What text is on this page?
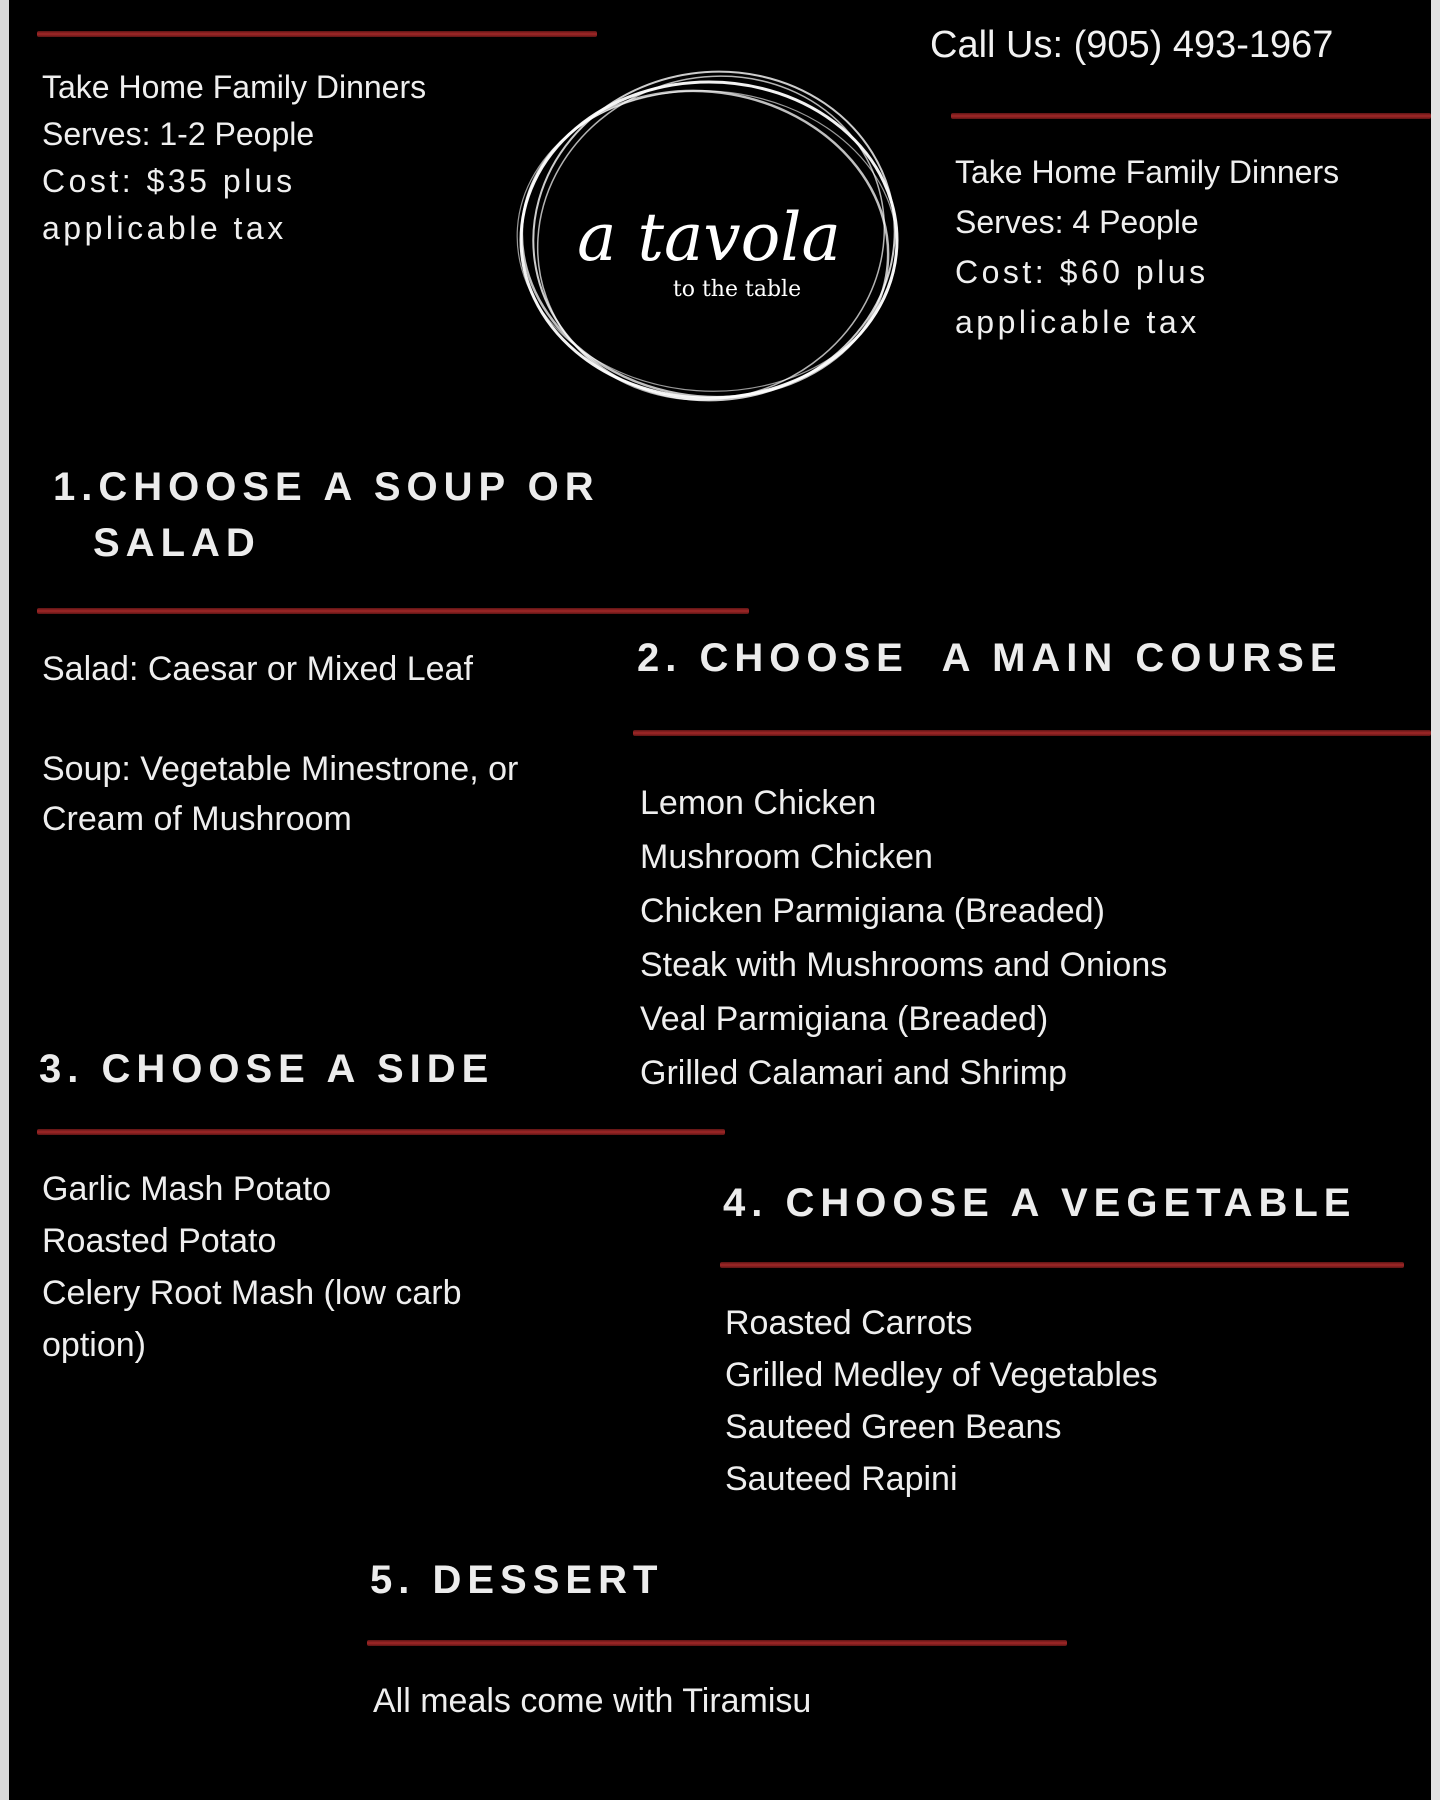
Take Home Family Dinners
Serves: 1-2 People
Cost: $35 plus
applicable tax
Call Us: (905) 493-1967
Take Home Family Dinners
Serves: 4 People
Cost: $60 plus
applicable tax
a tavola
to the table
1.CHOOSE A SOUP OR
SALAD
Salad: Caesar or Mixed Leaf
Soup: Vegetable Minestrone, or
Cream of Mushroom
2. CHOOSE  A MAIN COURSE
Lemon Chicken
Mushroom Chicken
Chicken Parmigiana (Breaded)
Steak with Mushrooms and Onions
Veal Parmigiana (Breaded)
Grilled Calamari and Shrimp
3. CHOOSE A SIDE
Garlic Mash Potato
Roasted Potato
Celery Root Mash (low carb
option)
4. CHOOSE A VEGETABLE
Roasted Carrots
Grilled Medley of Vegetables
Sauteed Green Beans
Sauteed Rapini
5. DESSERT
All meals come with Tiramisu
